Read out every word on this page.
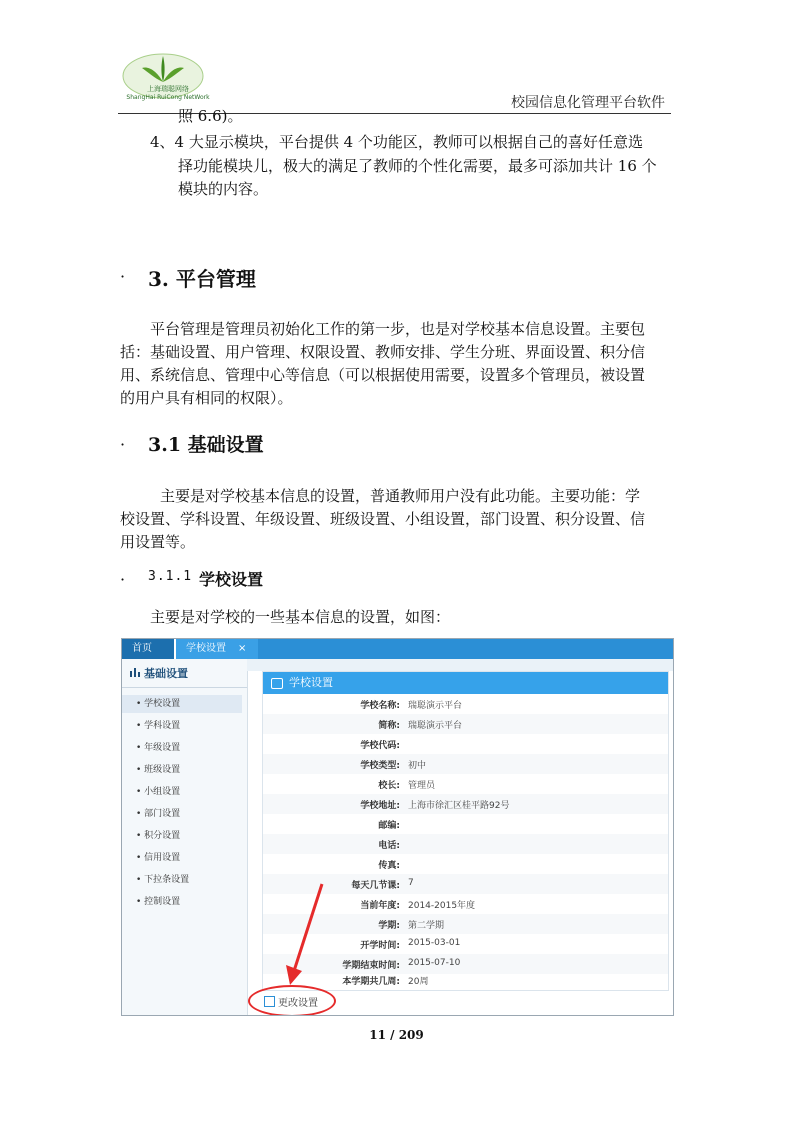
上海瑞聪网络
ShangHai RuiCong NetWork	校园信息化管理平台软件
照 6.6)。
4、4 大显示模块，平台提供 4 个功能区，教师可以根据自己的喜好任意选
择功能模块儿，极大的满足了教师的个性化需要，最多可添加共计 16 个
模块的内容。
· 3. 平台管理
平台管理是管理员初始化工作的第一步，也是对学校基本信息设置。主要包
括：基础设置、用户管理、权限设置、教师安排、学生分班、界面设置、积分信
用、系统信息、管理中心等信息（可以根据使用需要，设置多个管理员，被设置
的用户具有相同的权限）。
· 3.1 基础设置
主要是对学校基本信息的设置，普通教师用户没有此功能。主要功能：学
校设置、学科设置、年级设置、班级设置、小组设置，部门设置、积分设置、信
用设置等。
· 3.1.1 学校设置
主要是对学校的一些基本信息的设置，如图：
首页	学校设置	×
基础设置
• 学校设置
• 学科设置
• 年级设置
• 班级设置
• 小组设置
• 部门设置
• 积分设置
• 信用设置
• 下拉条设置
• 控制设置
学校设置
学校名称: 瑞聪演示平台
简称: 瑞聪演示平台
学校代码:
学校类型: 初中
校长: 管理员
学校地址: 上海市徐汇区桂平路92号
邮编:
电话:
传真:
每天几节课: 7
当前年度: 2014-2015年度
学期: 第二学期
开学时间: 2015-03-01
学期结束时间: 2015-07-10
本学期共几周: 20周
更改设置
11 / 209
